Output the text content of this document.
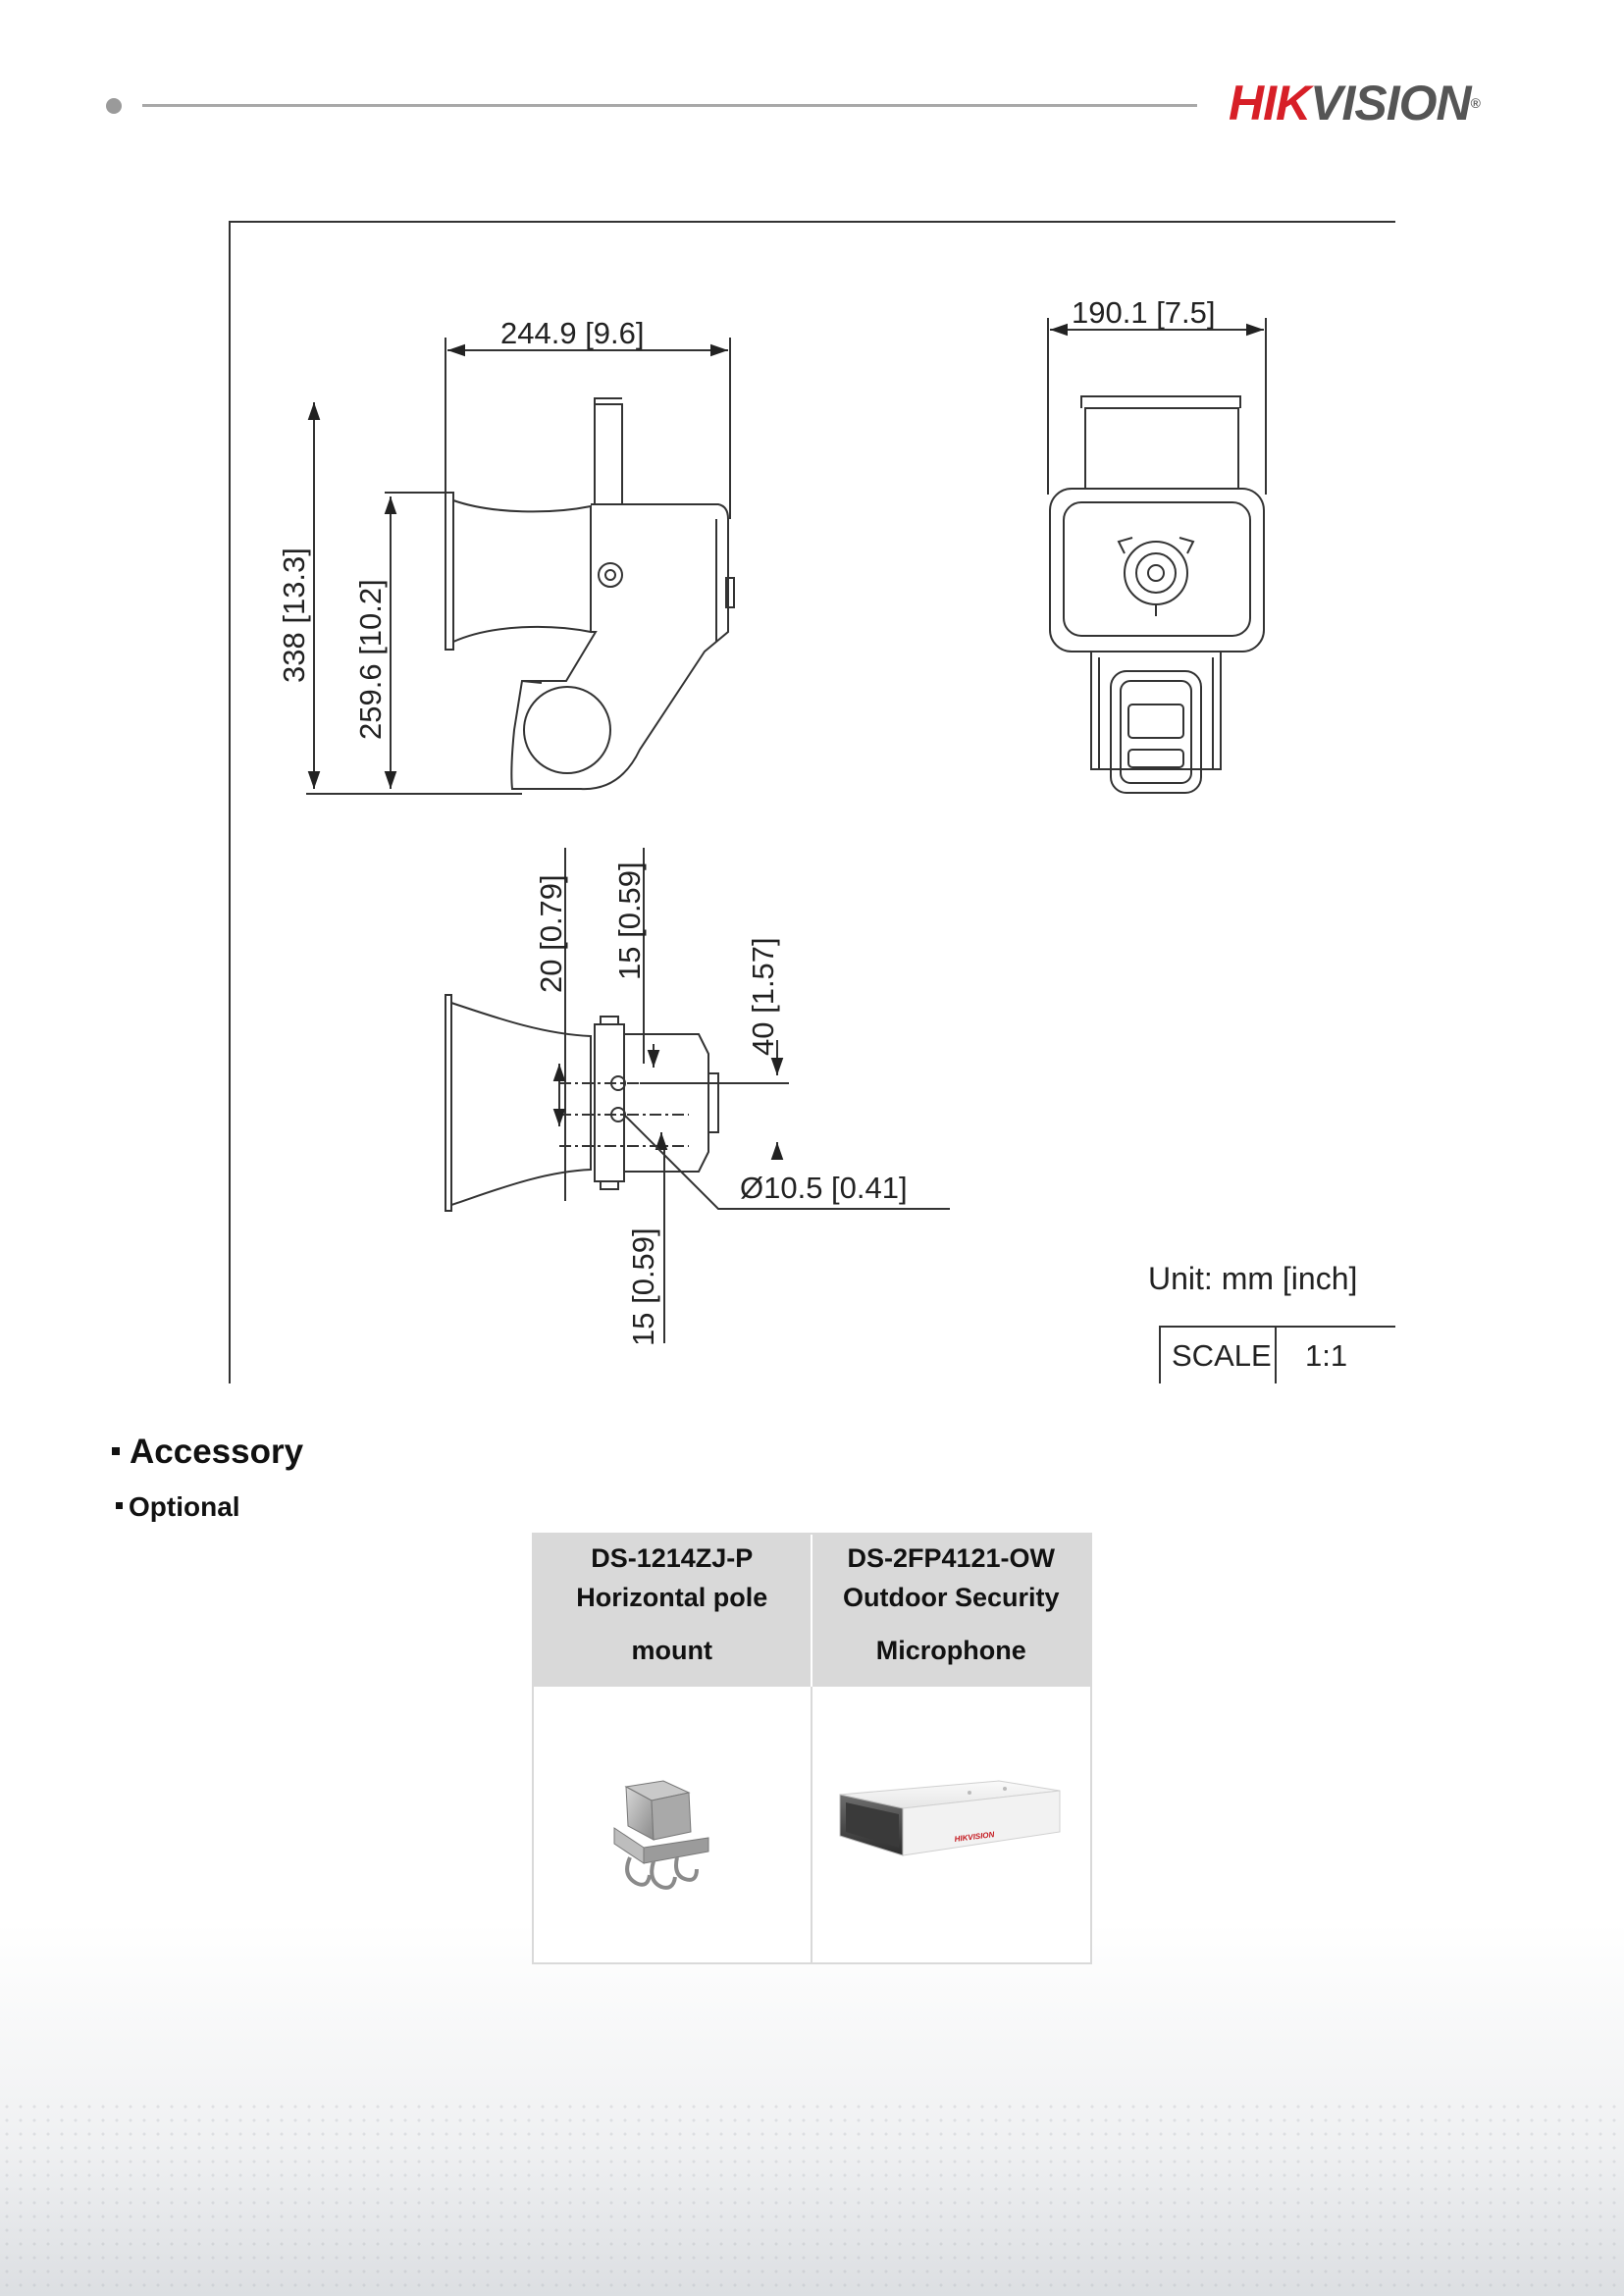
HIKVISION®
244.9 [9.6]
338 [13.3] 259.6 [10.2]
190.1 [7.5]
20 [0.79] 15 [0.59]
40 [1.57]
Ø10.5 [0.41]
15 [0.59]	Unit: mm [inch]
SCALE 1:1
Accessory
Optional
DS-1214ZJ-P
Horizontal pole
mount
DS-2FP4121-OW
Outdoor Security
Microphone
HIKVISION
